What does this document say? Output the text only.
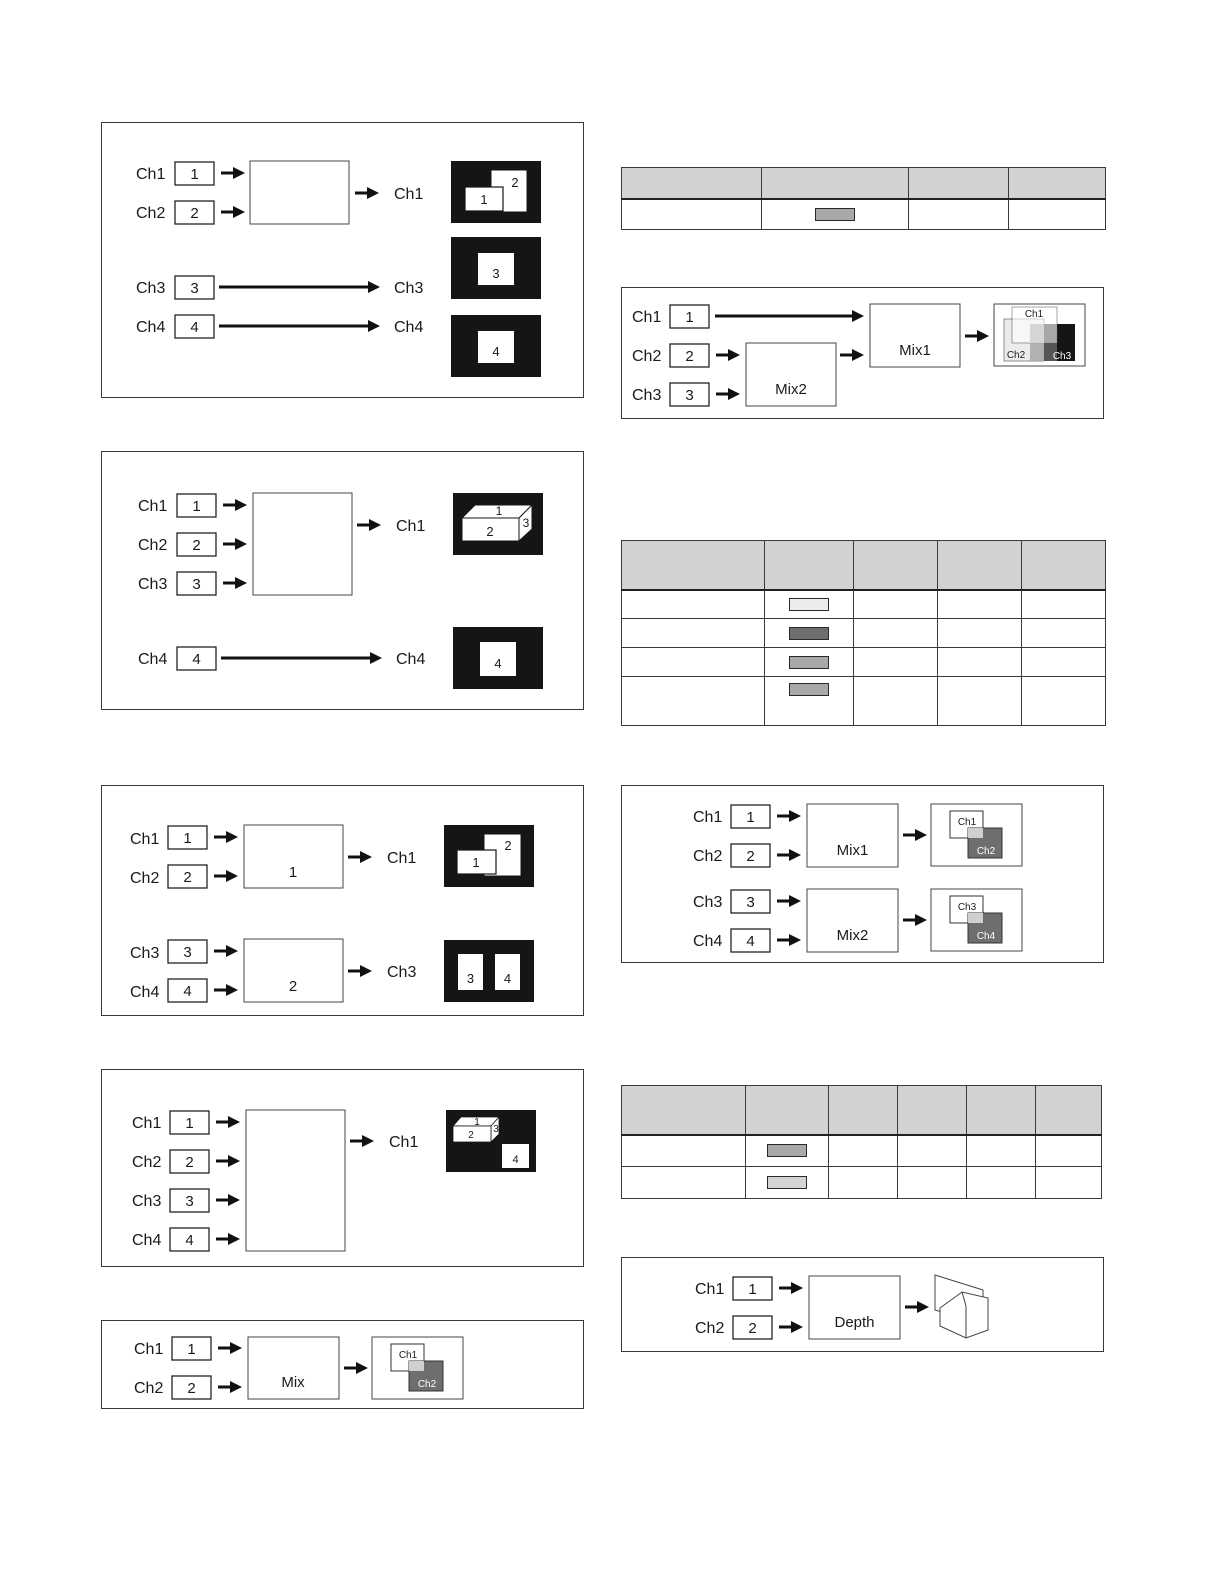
Ch1 1
Ch2 2
Ch1
2
1
Ch3 3	Ch3
3
Ch4 4	Ch4
4
Ch1 1
Ch2 2
Ch3 3
Ch1
1
2
3
Ch4 4	Ch4	4
Ch1 1
Ch2 2	1
Ch1
2
1
Ch3 3
Ch4 4	2
Ch3	3 4
Ch1 1
Ch2 2
Ch3 3
Ch4 4
Ch1
1
2
3
4
Ch1 1
Ch2 2	Mix
Ch1
Ch2

Ch1 1
Ch2 2
Ch3 3	Mix2
Mix1
Ch1
Ch2	Ch3

Ch1 1
Ch2 2	Mix1
Ch1
Ch2
Ch3 3
Ch4 4	Mix2
Ch3
Ch4

Ch1 1
Ch2 2	Depth
